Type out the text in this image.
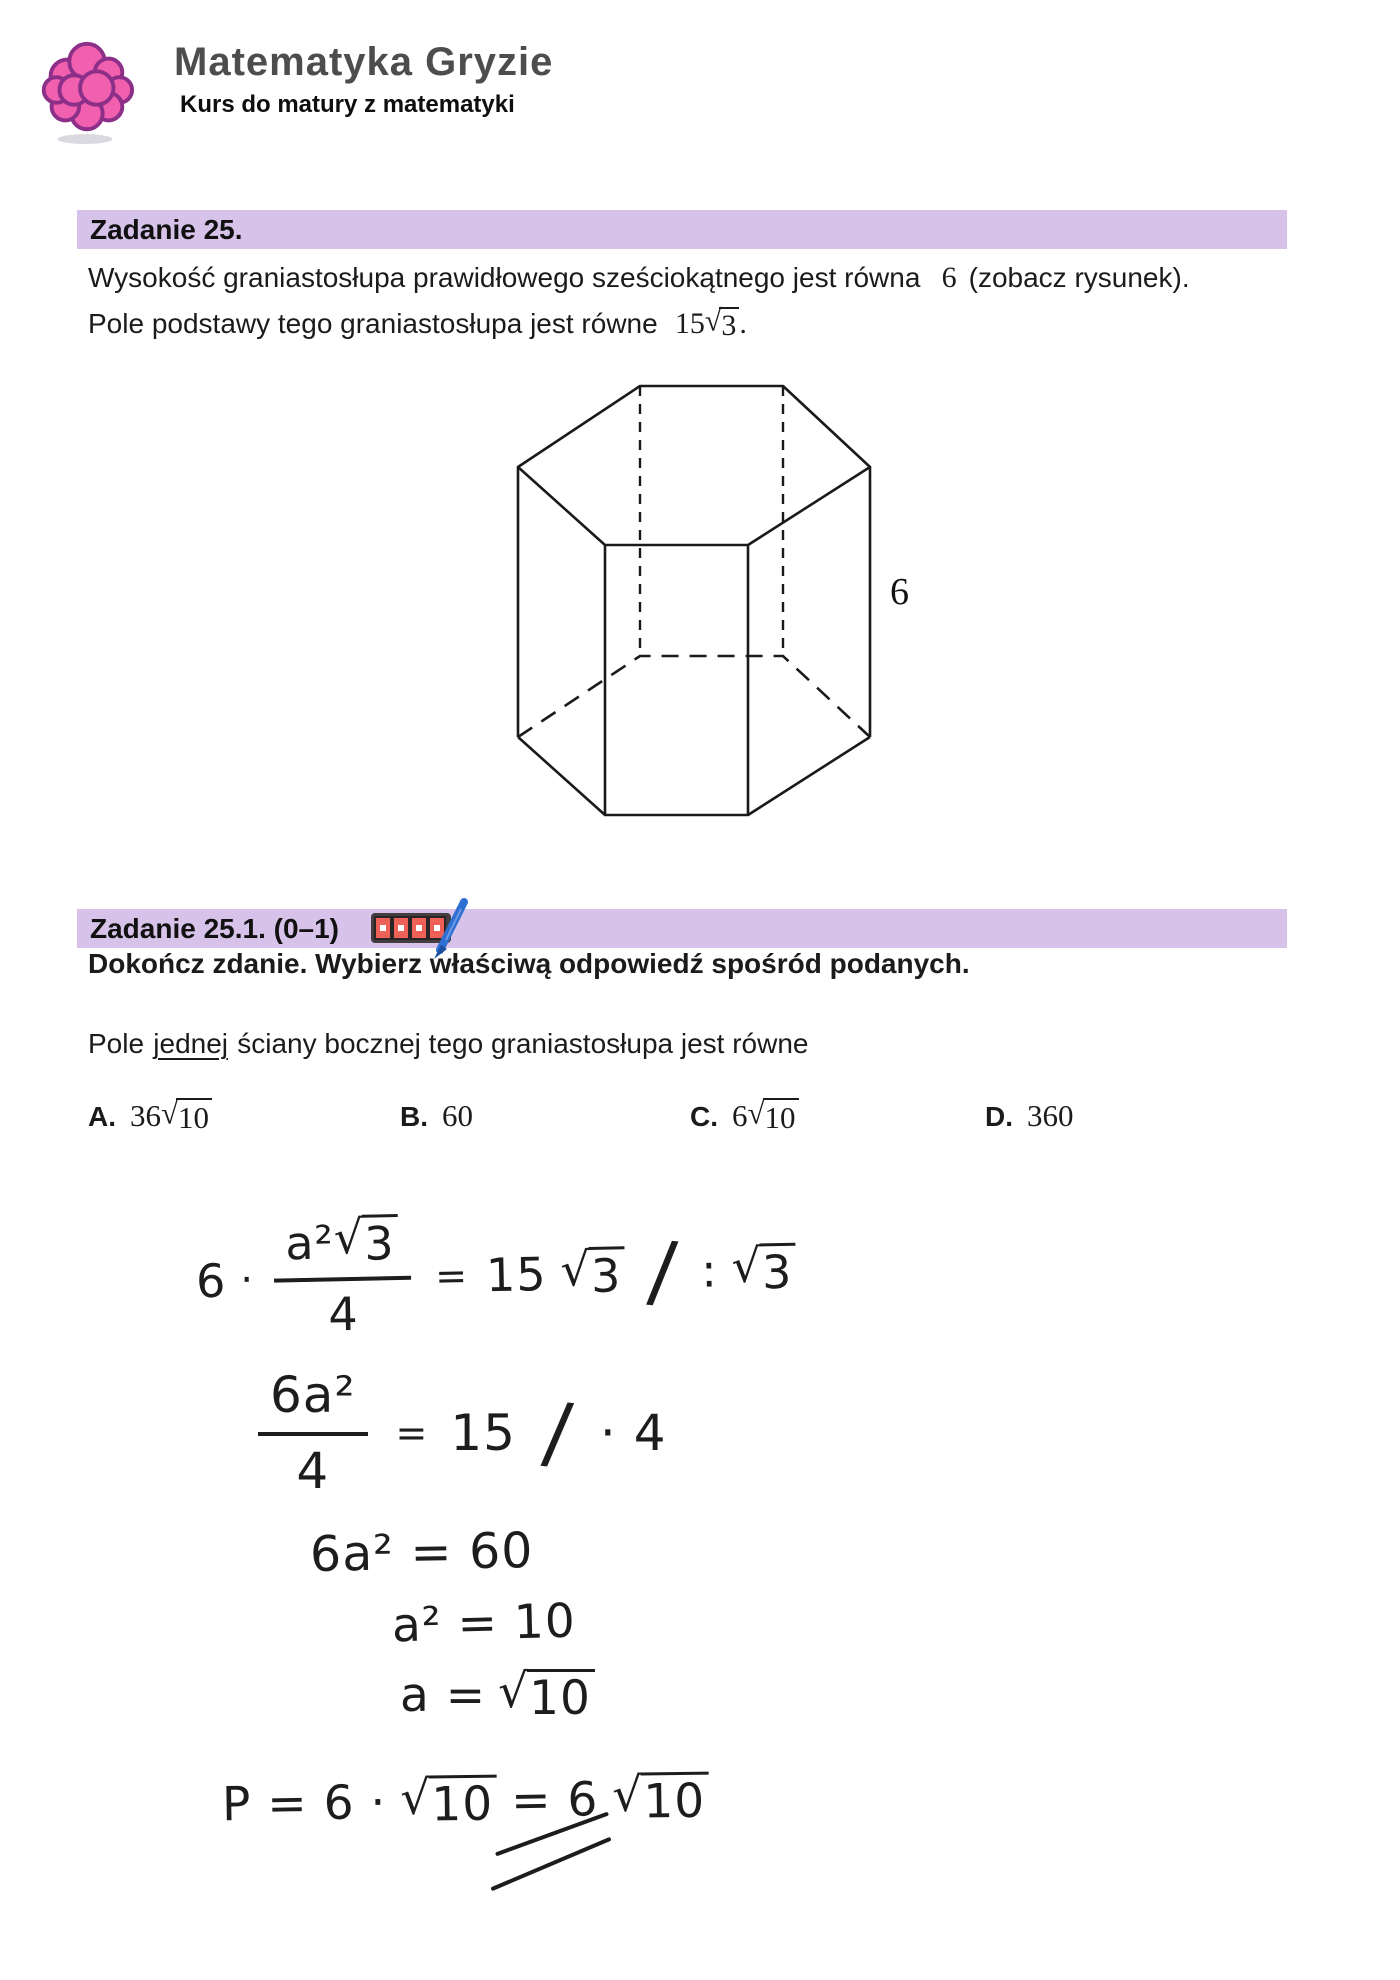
Matematyka Gryzie
Kurs do matury z matematyki
Zadanie 25.
Wysokość graniastosłupa prawidłowego sześciokątnego jest równa 6 (zobacz rysunek).
Pole podstawy tego graniastosłupa jest równe 15 √ 3 .
6
Zadanie 25.1. (0–1)
Dokończ zdanie. Wybierz właściwą odpowiedź spośród podanych.
Pole jednej ściany bocznej tego graniastosłupa jest równe
A. 36 √ 10	B. 60	C. 6 √ 10	D. 360
6 · a²
√ 3
4 = 15 √ 3 / : √ 3
$\frac{\text{6a²}}{4} = 15$ / · 4
6a² = 60
a² = 10
a = √ 10
P = 6 · √ 10 = 6 √ 10
